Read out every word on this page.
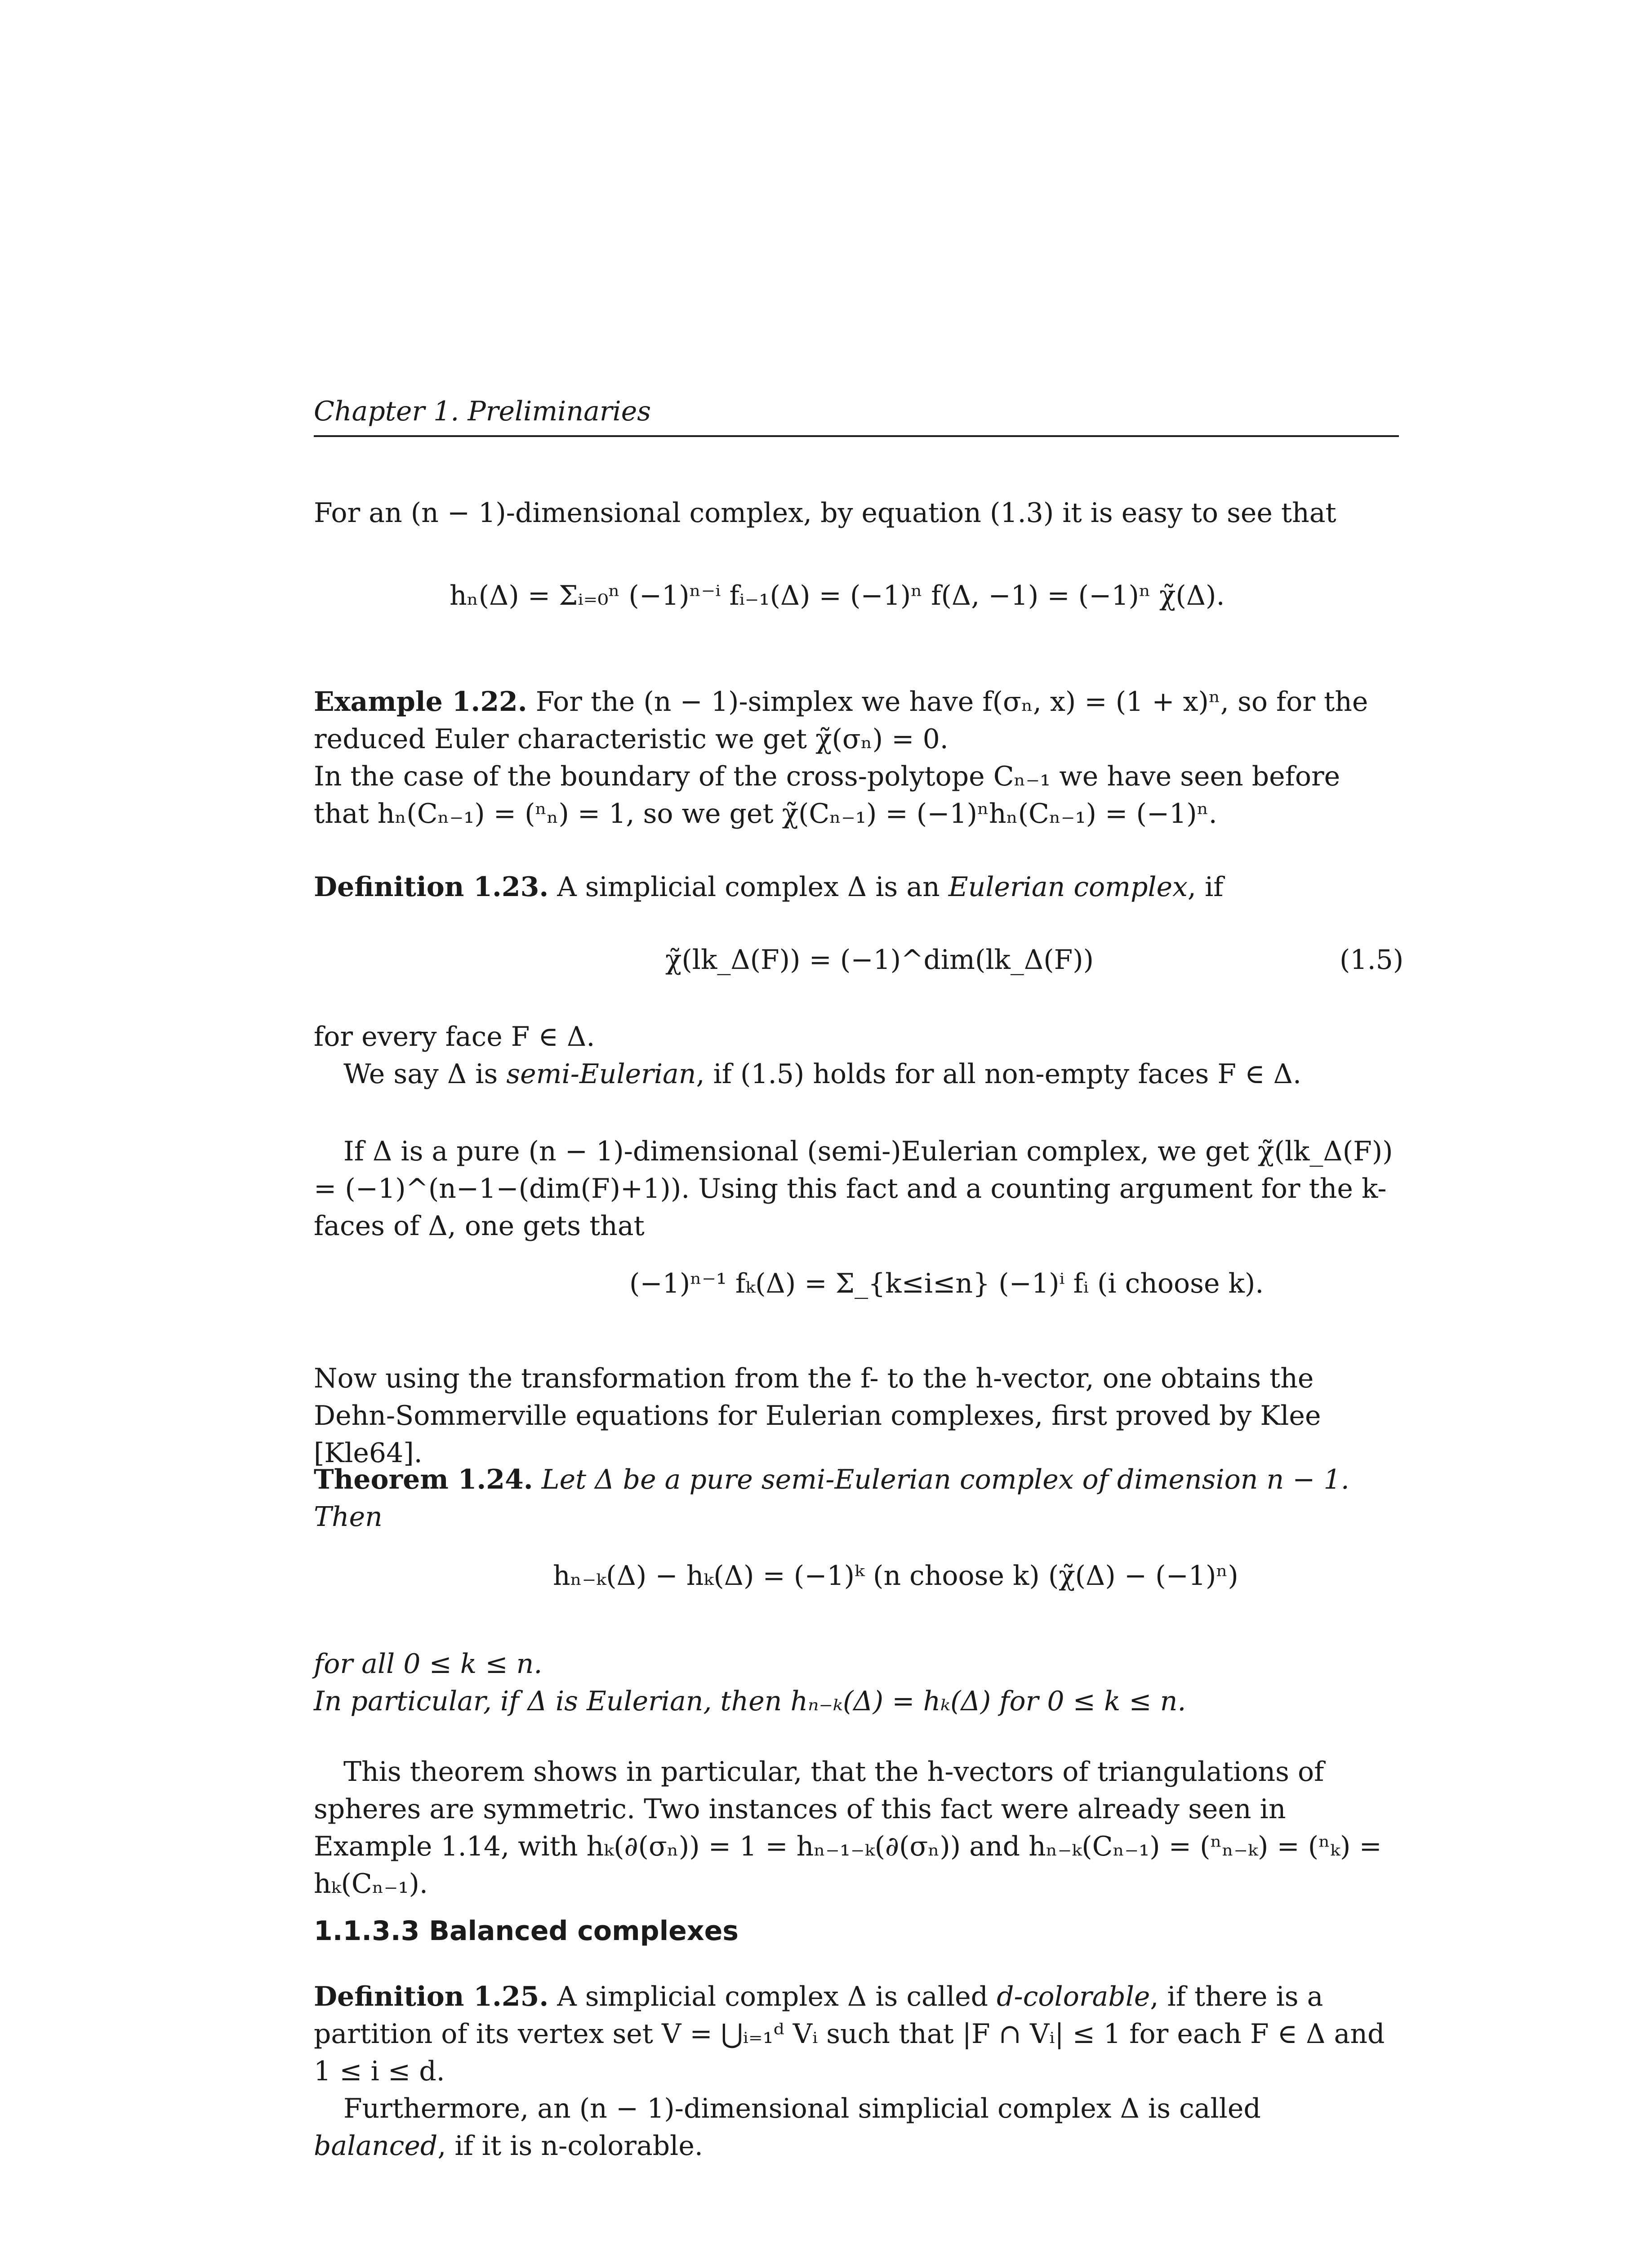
Chapter 1. Preliminaries
For an (n − 1)-dimensional complex, by equation (1.3) it is easy to see that
hₙ(Δ) = Σᵢ₌₀ⁿ (−1)ⁿ⁻ⁱ fᵢ₋₁(Δ) = (−1)ⁿ f(Δ, −1) = (−1)ⁿ χ̃(Δ).

Example 1.22. For the (n − 1)-simplex we have f(σₙ, x) = (1 + x)ⁿ, so for the reduced Euler characteristic we get χ̃(σₙ) = 0.

In the case of the boundary of the cross-polytope Cₙ₋₁ we have seen before that hₙ(Cₙ₋₁) = (ⁿₙ) = 1, so we get χ̃(Cₙ₋₁) = (−1)ⁿhₙ(Cₙ₋₁) = (−1)ⁿ.

Definition 1.23. A simplicial complex Δ is an Eulerian complex, if

χ̃(lk_Δ(F)) = (−1)^dim(lk_Δ(F))	(1.5)

for every face F ∈ Δ.

We say Δ is semi-Eulerian, if (1.5) holds for all non-empty faces F ∈ Δ.

If Δ is a pure (n − 1)-dimensional (semi-)Eulerian complex, we get χ̃(lk_Δ(F)) = (−1)^(n−1−(dim(F)+1)). Using this fact and a counting argument for the k-faces of Δ, one gets that
(−1)ⁿ⁻¹ fₖ(Δ) = Σ_{k≤i≤n} (−1)ⁱ fᵢ (i choose k).
Now using the transformation from the f- to the h-vector, one obtains the Dehn-Sommerville equations for Eulerian complexes, first proved by Klee [Kle64].

Theorem 1.24. Let Δ be a pure semi-Eulerian complex of dimension n − 1. Then

hₙ₋ₖ(Δ) − hₖ(Δ) = (−1)ᵏ (n choose k) (χ̃(Δ) − (−1)ⁿ)

for all 0 ≤ k ≤ n.

In particular, if Δ is Eulerian, then hₙ₋ₖ(Δ) = hₖ(Δ) for 0 ≤ k ≤ n.

This theorem shows in particular, that the h-vectors of triangulations of spheres are symmetric. Two instances of this fact were already seen in Example 1.14, with hₖ(∂(σₙ)) = 1 = hₙ₋₁₋ₖ(∂(σₙ)) and hₙ₋ₖ(Cₙ₋₁) = (ⁿₙ₋ₖ) = (ⁿₖ) = hₖ(Cₙ₋₁).
1.1.3.3 Balanced complexes

Definition 1.25. A simplicial complex Δ is called d-colorable, if there is a partition of its vertex set V = ⋃ᵢ₌₁ᵈ Vᵢ such that |F ∩ Vᵢ| ≤ 1 for each F ∈ Δ and 1 ≤ i ≤ d.

Furthermore, an (n − 1)-dimensional simplicial complex Δ is called balanced, if it is n-colorable.
